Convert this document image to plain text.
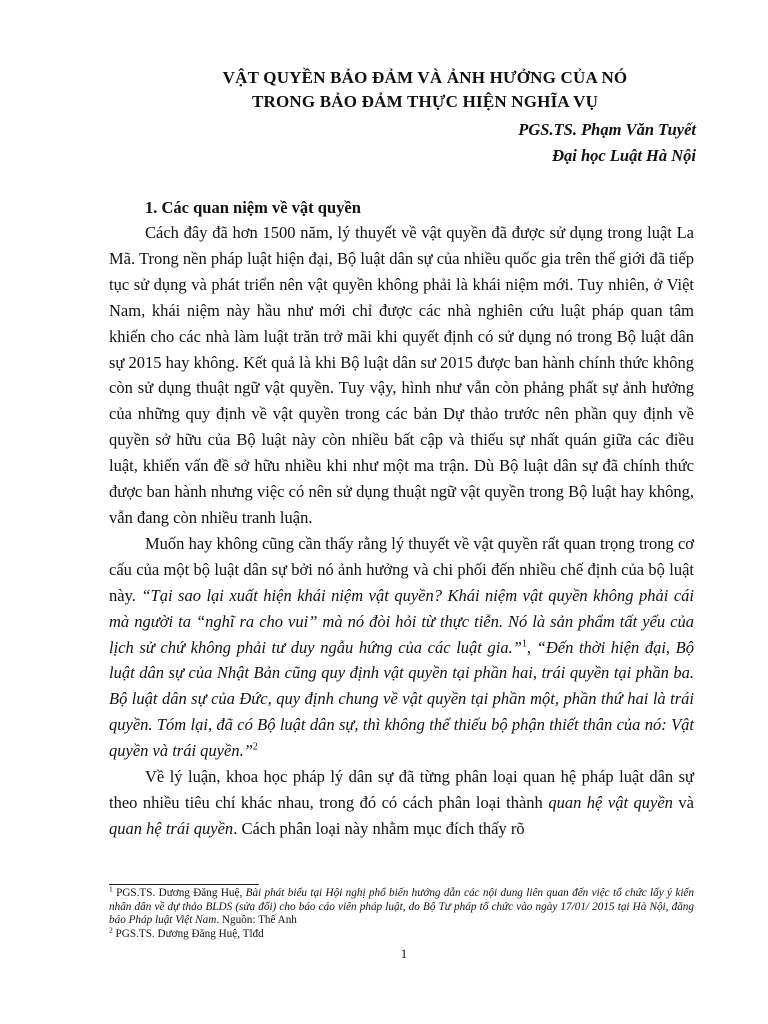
VẬT QUYỀN BẢO ĐẢM VÀ ẢNH HƯỞNG CỦA NÓ
TRONG BẢO ĐẢM THỰC HIỆN NGHĨA VỤ
PGS.TS. Phạm Văn Tuyết
Đại học Luật Hà Nội
1. Các quan niệm về vật quyền

Cách đây đã hơn 1500 năm, lý thuyết về vật quyền đã được sử dụng trong luật La Mã. Trong nền pháp luật hiện đại, Bộ luật dân sự của nhiều quốc gia trên thế giới đã tiếp tục sử dụng và phát triển nên vật quyền không phải là khái niệm mới. Tuy nhiên, ở Việt Nam, khái niệm này hầu như mới chỉ được các nhà nghiên cứu luật pháp quan tâm khiến cho các nhà làm luật trăn trở mãi khi quyết định có sử dụng nó trong Bộ luật dân sự 2015 hay không. Kết quả là khi Bộ luật dân sư 2015 được ban hành chính thức không còn sử dụng thuật ngữ vật quyền. Tuy vậy, hình như vẫn còn phảng phất sự ảnh hưởng của những quy định về vật quyền trong các bản Dự thảo trước nên phần quy định về quyền sở hữu của Bộ luật này còn nhiều bất cập và thiếu sự nhất quán giữa các điều luật, khiến vấn đề sở hữu nhiều khi như một ma trận. Dù Bộ luật dân sự đã chính thức được ban hành nhưng việc có nên sử dụng thuật ngữ vật quyền trong Bộ luật hay không, vẫn đang còn nhiều tranh luận.

Muốn hay không cũng cần thấy rằng lý thuyết về vật quyền rất quan trọng trong cơ cấu của một bộ luật dân sự bởi nó ảnh hưởng và chi phối đến nhiều chế định của bộ luật này. “Tại sao lại xuất hiện khái niệm vật quyền? Khái niệm vật quyền không phải cái mà người ta “nghĩ ra cho vui” mà nó đòi hỏi từ thực tiễn. Nó là sản phẩm tất yếu của lịch sử chứ không phải tư duy ngẫu hứng của các luật gia.”$^1$, “Đến thời hiện đại, Bộ luật dân sự của Nhật Bản cũng quy định vật quyền tại phần hai, trái quyền tại phần ba. Bộ luật dân sự của Đức, quy định chung về vật quyền tại phần một, phần thứ hai là trái quyền. Tóm lại, đã có Bộ luật dân sự, thì không thể thiếu bộ phận thiết thân của nó: Vật quyền và trái quyền.”$^2$

Về lý luận, khoa học pháp lý dân sự đã từng phân loại quan hệ pháp luật dân sự theo nhiều tiêu chí khác nhau, trong đó có cách phân loại thành quan hệ vật quyền và quan hệ trái quyền. Cách phân loại này nhằm mục đích thấy rõ

$^1$ PGS.TS. Dương Đăng Huệ, Bài phát biểu tại Hội nghị phổ biến hướng dẫn các nội dung liên quan đến việc tổ chức lấy ý kiến nhân dân về dự thảo BLDS (sửa đổi) cho báo cáo viên pháp luật, do Bộ Tư pháp tổ chức vào ngày 17/01/ 2015 tại Hà Nội, đăng báo Pháp luật Việt Nam. Nguồn: Thế Anh

$^2$ PGS.TS. Dương Đăng Huệ, Tlđd

1
